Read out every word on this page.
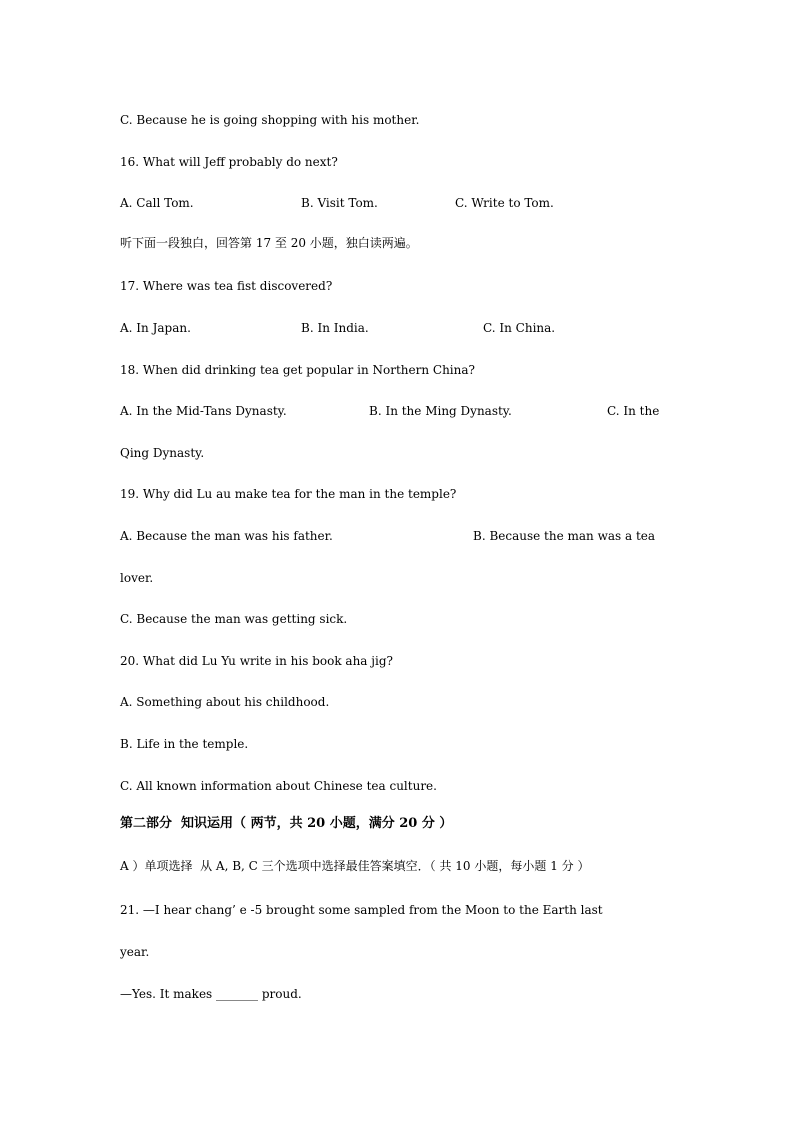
C. Because he is going shopping with his mother.
16. What will Jeff probably do next?
A. Call Tom.	B. Visit Tom.	C. Write to Tom.
听下面一段独白，回答第 17 至 20 小题，独白读两遍。
17. Where was tea fist discovered?
A. In Japan.	B. In India.	C. In China.
18. When did drinking tea get popular in Northern China?
A. In the Mid-Tans Dynasty.	B. In the Ming Dynasty.	C. In the
Qing Dynasty.
19. Why did Lu au make tea for the man in the temple?
A. Because the man was his father.	B. Because the man was a tea
lover.
C. Because the man was getting sick.
20. What did Lu Yu write in his book aha jig?
A. Something about his childhood.
B. Life in the temple.
C. All known information about Chinese tea culture.
第二部分  知识运用（ 两节，共 20 小题，满分 20 分 ）
A ）单项选择  从 A, B, C 三个选项中选择最佳答案填空．（ 共 10 小题，每小题 1 分 ）
21. —I hear chang’ e -5 brought some sampled from the Moon to the Earth last
year.
—Yes. It makes _______ proud.
